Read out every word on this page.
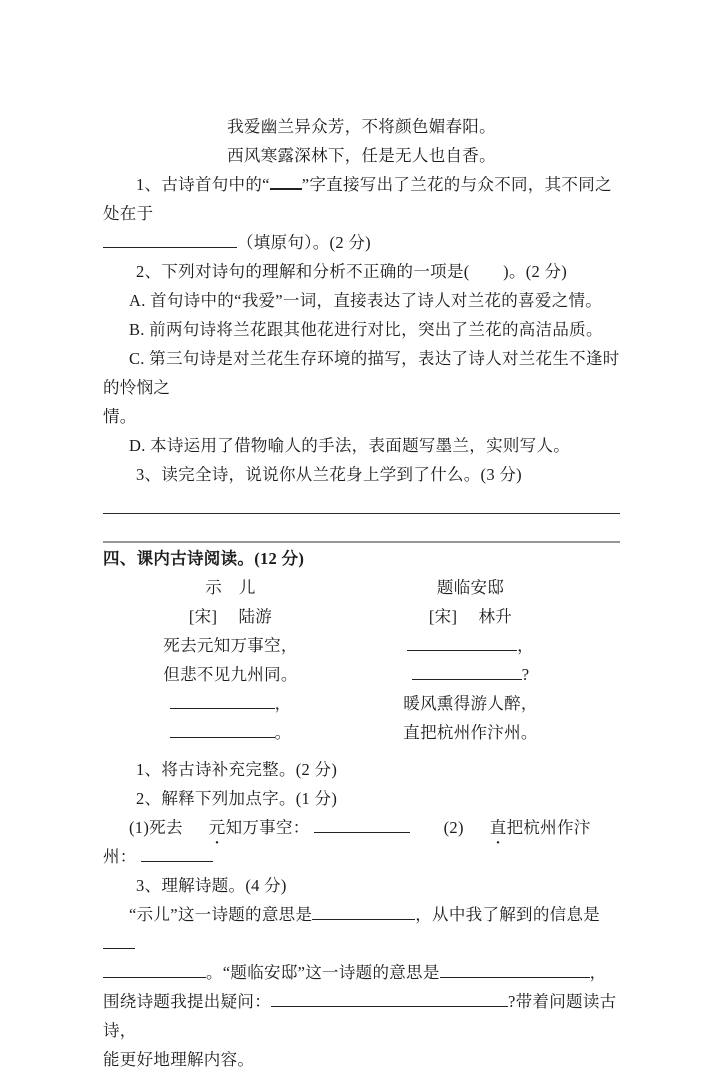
我爱幽兰异众芳，不将颜色媚春阳。
西风寒露深林下，任是无人也自香。
1、古诗首句中的“ ”字直接写出了兰花的与众不同，其不同之处在于
（填原句）。(2 分)
2、下列对诗句的理解和分析不正确的一项是(　　)。(2 分)
A. 首句诗中的“我爱”一词，直接表达了诗人对兰花的喜爱之情。
B. 前两句诗将兰花跟其他花进行对比，突出了兰花的高洁品质。
C. 第三句诗是对兰花生存环境的描写，表达了诗人对兰花生不逢时的怜悯之
情。
D. 本诗运用了借物喻人的手法，表面题写墨兰，实则写人。
3、读完全诗，说说你从兰花身上学到了什么。(3 分)
四、课内古诗阅读。(12 分)
示　儿
[宋]　 陆游
死去元知万事空，
但悲不见九州同。
，
。
题临安邸
[宋]　 林升
，
?
暖风熏得游人醉，
直把杭州作汴州。
1、将古诗补充完整。(2 分)
2、解释下列加点字。(1 分)
(1)死去 元知万事空： 　　	(2) 直把杭州作汴州：
3、理解诗题。(4 分)
“示儿”这一诗题的意思是	，从中我了解到的信息是
。“题临安邸”这一诗题的意思是	，
围绕诗题我提出疑问：	?带着问题读古诗，
能更好地理解内容。
